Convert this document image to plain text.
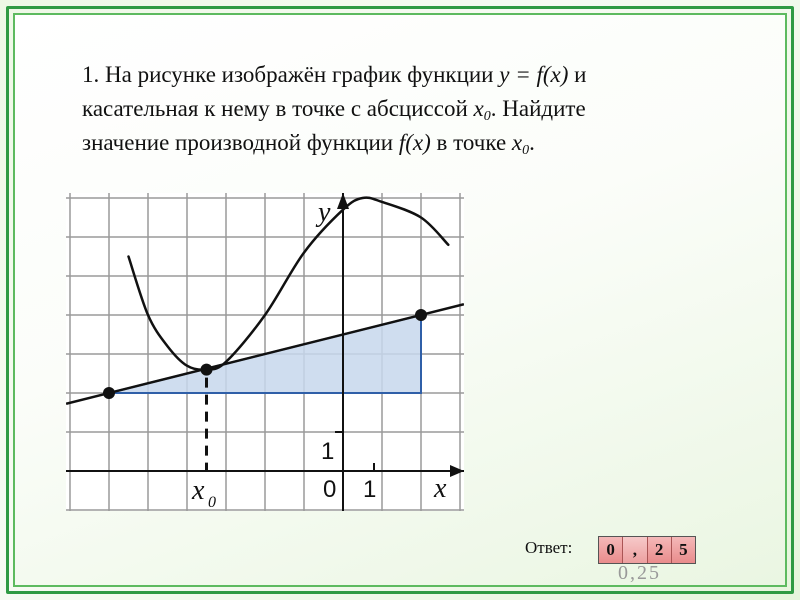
1. На рисунке изображён график функции y = f(x) и
касательная к нему в точке с абсциссой $x_0$. Найдите
значение производной функции f(x) в точке $x_0$.
y
x
0 1
1
x 0
Ответ:	0	,	2 5
0,25
